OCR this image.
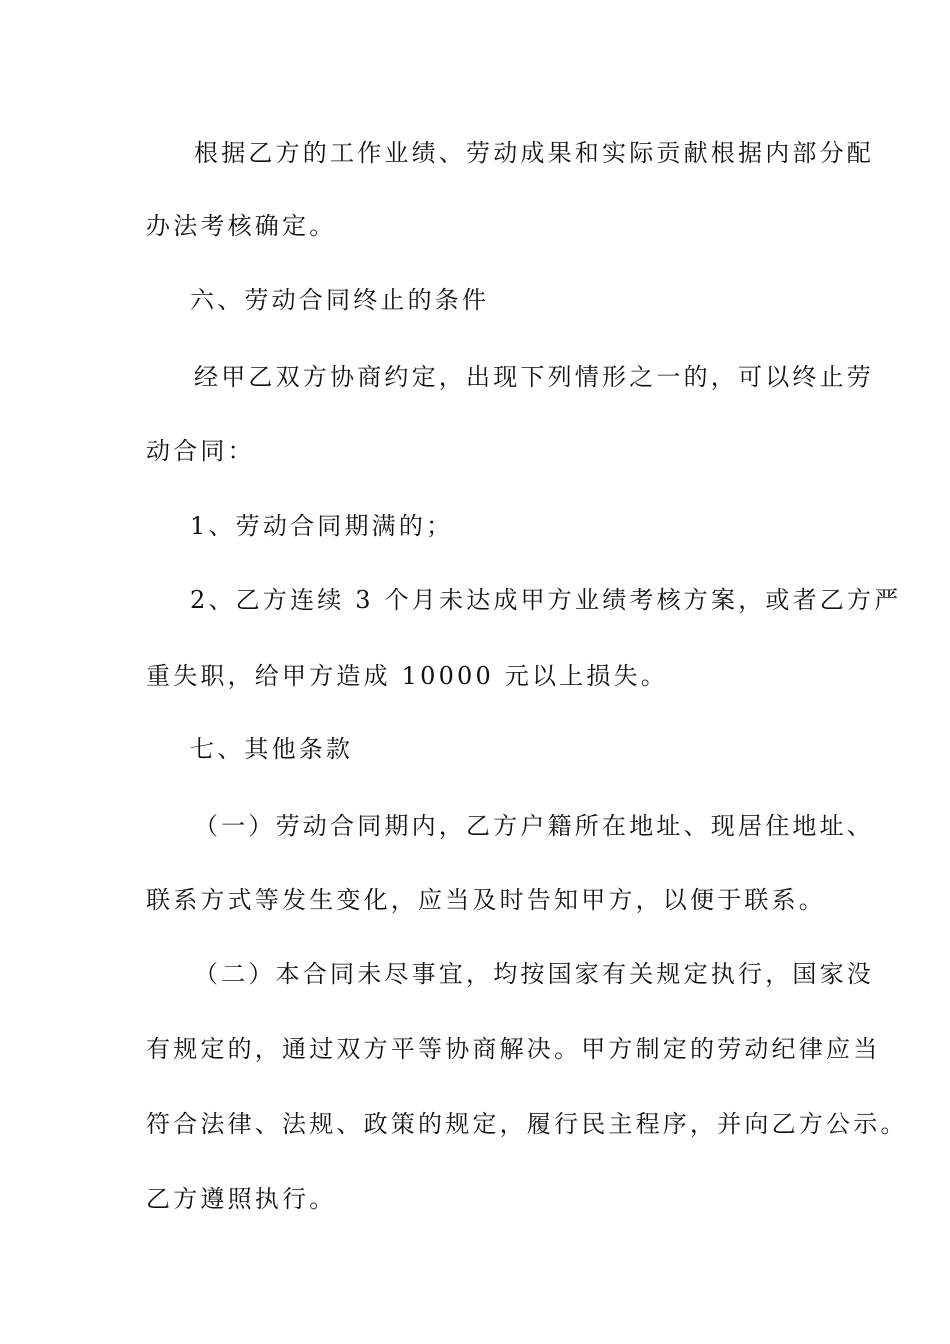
根据乙方的工作业绩、劳动成果和实际贡献根据内部分配
办法考核确定。
六、劳动合同终止的条件
经甲乙双方协商约定，出现下列情形之一的，可以终止劳
动合同：
1、劳动合同期满的；
2、乙方连续 3 个月未达成甲方业绩考核方案，或者乙方严
重失职，给甲方造成 10000 元以上损失。
七、其他条款
（一）劳动合同期内，乙方户籍所在地址、现居住地址、
联系方式等发生变化，应当及时告知甲方，以便于联系。
（二）本合同未尽事宜，均按国家有关规定执行，国家没
有规定的，通过双方平等协商解决。甲方制定的劳动纪律应当
符合法律、法规、政策的规定，履行民主程序，并向乙方公示。
乙方遵照执行。
